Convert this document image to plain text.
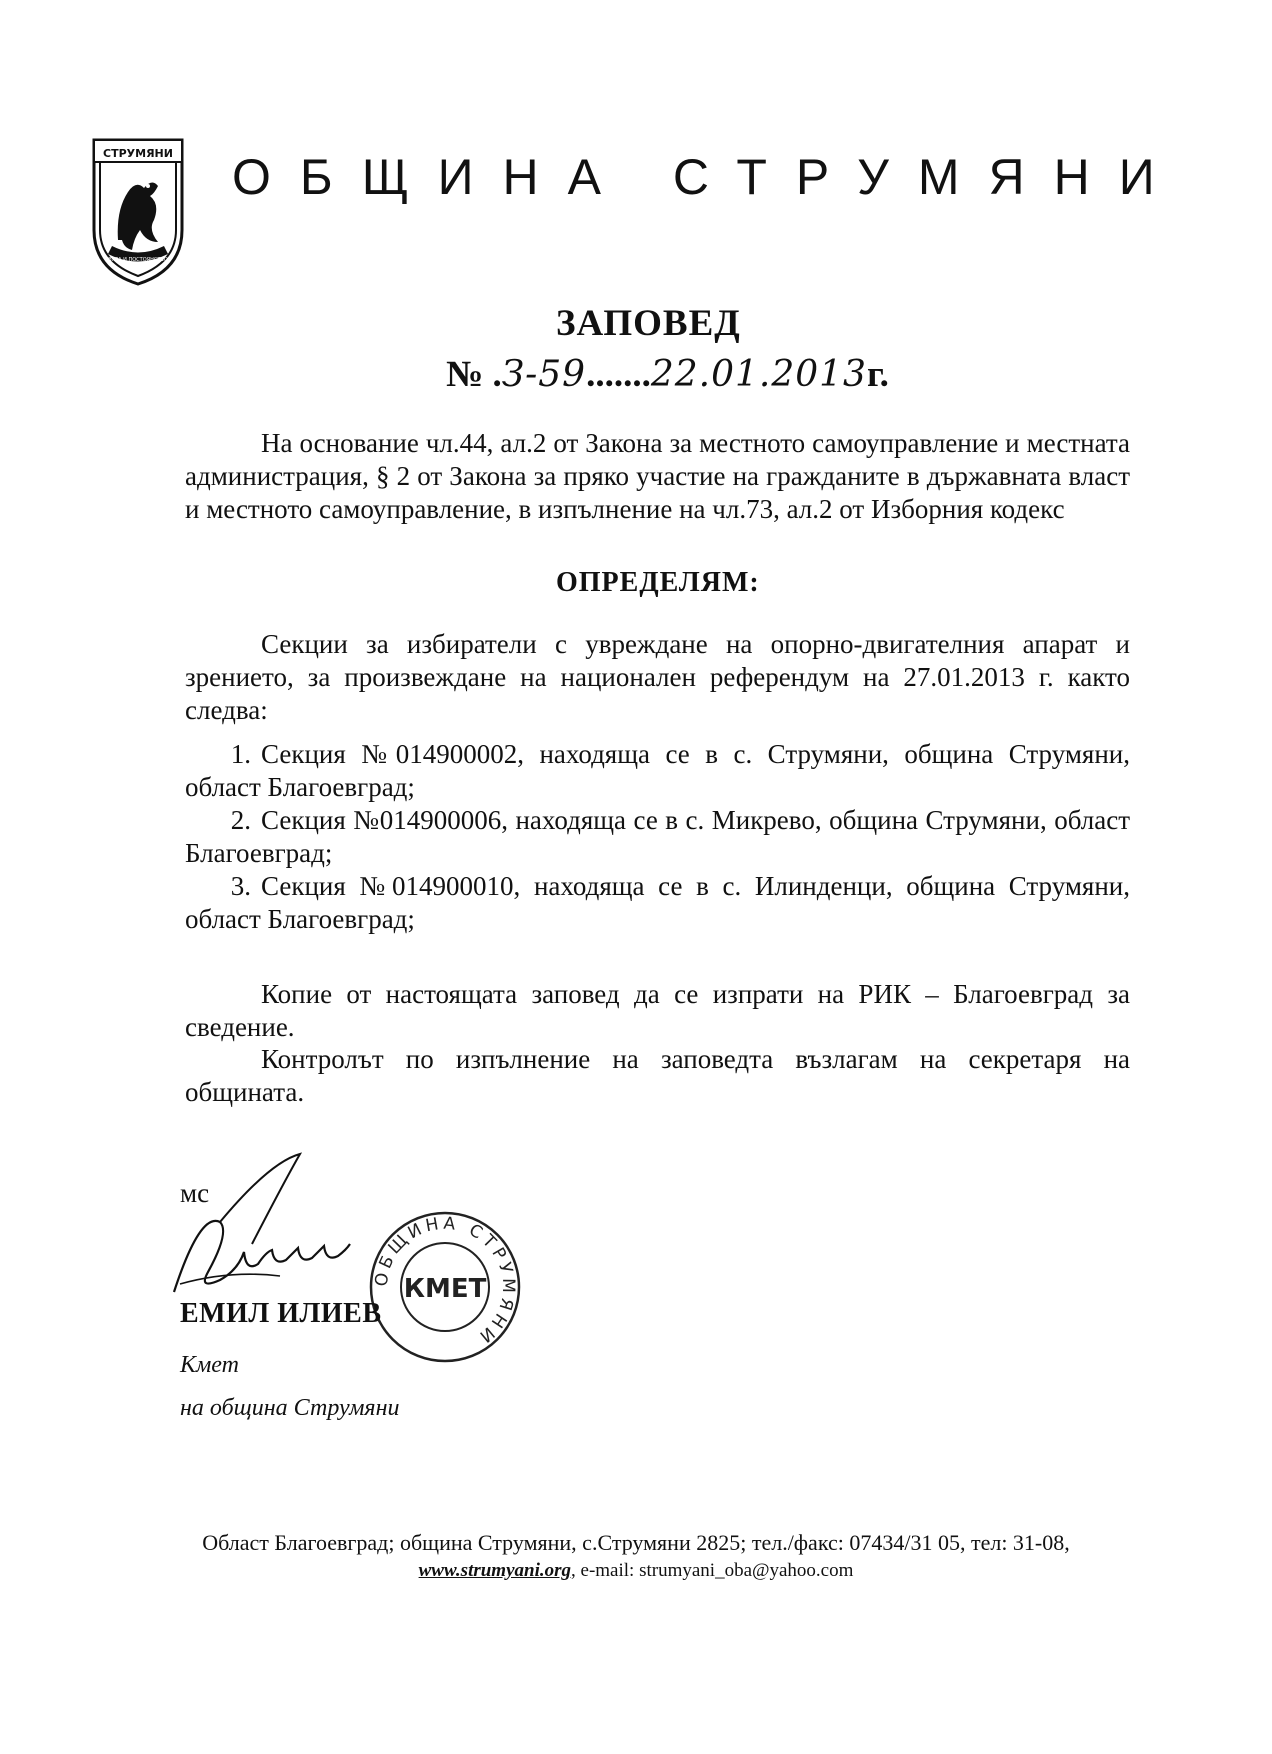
СТРУМЯНИ
ВЯРА И ПОСТОЯНСТВО
ОБЩИНА СТРУМЯНИ
ЗАПОВЕД
№ .З-59.......22.01.2013г.
На основание чл.44, ал.2 от Закона за местното самоуправление и местната администрация, § 2 от Закона за пряко участие на гражданите в държавната власт и местното самоуправление, в изпълнение на чл.73, ал.2 от Изборния кодекс
ОПРЕДЕЛЯМ:
Секции за избиратели с увреждане на опорно-двигателния апарат и зрението, за произвеждане на национален референдум на 27.01.2013 г. както следва:
1. Секция №014900002, находяща се в с. Струмяни, община Струмяни, област Благоевград;
2. Секция №014900006, находяща се в с. Микрево, община Струмяни, област Благоевград;
3. Секция №014900010, находяща се в с. Илинденци, община Струмяни, област Благоевград;
Копие от настоящата заповед да се изпрати на РИК – Благоевград за сведение.
Контролът по изпълнение на заповедта възлагам на секретаря на общината.
мс
ОБЩИНА СТРУМЯНИ
КМЕТ
ЕМИЛ ИЛИЕВ
Кмет
на община Струмяни
Област Благоевград; община Струмяни, с.Струмяни 2825; тел./факс: 07434/31 05, тел: 31-08,
www.strumyani.org, e-mail: strumyani_oba@yahoo.com
